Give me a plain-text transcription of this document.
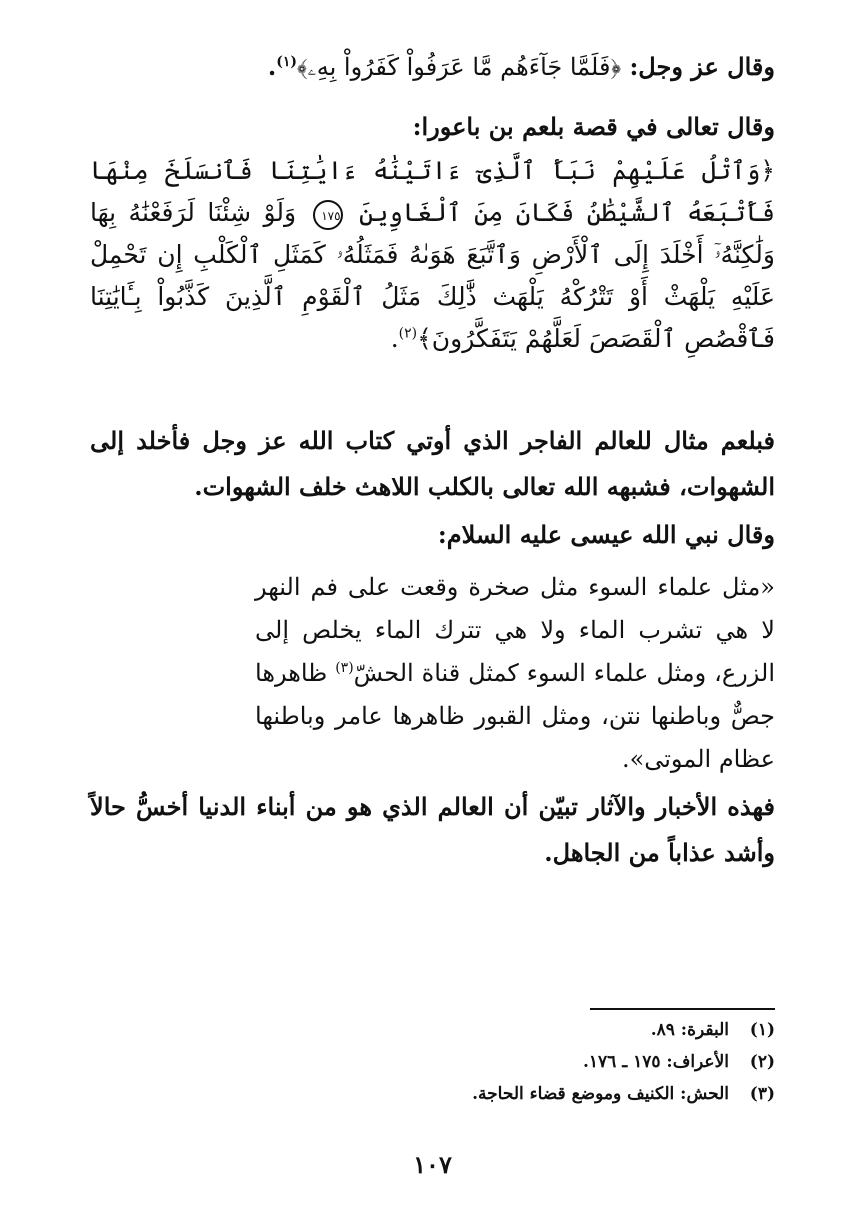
وقال عز وجل: ﴿فَلَمَّا جَآءَهُم مَّا عَرَفُواْ كَفَرُواْ بِهِۦ﴾$^{(١)}$.

وقال تعالى في قصة بلعم بن باعورا:

﴿وَٱتْلُ عَلَيْهِمْ نَبَأَ ٱلَّذِىٓ ءَاتَيْنَٰهُ ءَايَٰتِنَا فَٱنسَلَخَ مِنْهَا فَأَتْبَعَهُ ٱلشَّيْطَٰنُ فَكَانَ مِنَ ٱلْغَاوِينَ ١٧٥ وَلَوْ شِئْنَا لَرَفَعْنَٰهُ بِهَا وَلَٰكِنَّهُۥٓ أَخْلَدَ إِلَى ٱلْأَرْضِ وَٱتَّبَعَ هَوَىٰهُ فَمَثَلُهُۥ كَمَثَلِ ٱلْكَلْبِ إِن تَحْمِلْ عَلَيْهِ يَلْهَثْ أَوْ تَتْرُكْهُ يَلْهَث ذَّٰلِكَ مَثَلُ ٱلْقَوْمِ ٱلَّذِينَ كَذَّبُواْ بِـَٔايَٰتِنَا فَٱقْصُصِ ٱلْقَصَصَ لَعَلَّهُمْ يَتَفَكَّرُونَ﴾$^{(٢)}$.

فبلعم مثال للعالم الفاجر الذي أوتي كتاب الله عز وجل فأخلد إلى الشهوات، فشبهه الله تعالى بالكلب اللاهث خلف الشهوات.

وقال نبي الله عيسى عليه السلام:

«مثل علماء السوء مثل صخرة وقعت على فم النهر لا هي تشرب الماء ولا هي تترك الماء يخلص إلى الزرع، ومثل علماء السوء كمثل قناة الحشّ$^{(٣)}$ ظاهرها جصٌّ وباطنها نتن، ومثل القبور ظاهرها عامر وباطنها عظام الموتى».

فهذه الأخبار والآثار تبيّن أن العالم الذي هو من أبناء الدنيا أخسُّ حالاً وأشد عذاباً من الجاهل.

(١)البقرة: ٨٩.

(٢)الأعراف: ١٧٥ ـ ١٧٦.

(٣)الحش: الكنيف وموضع قضاء الحاجة.

١٠٧
